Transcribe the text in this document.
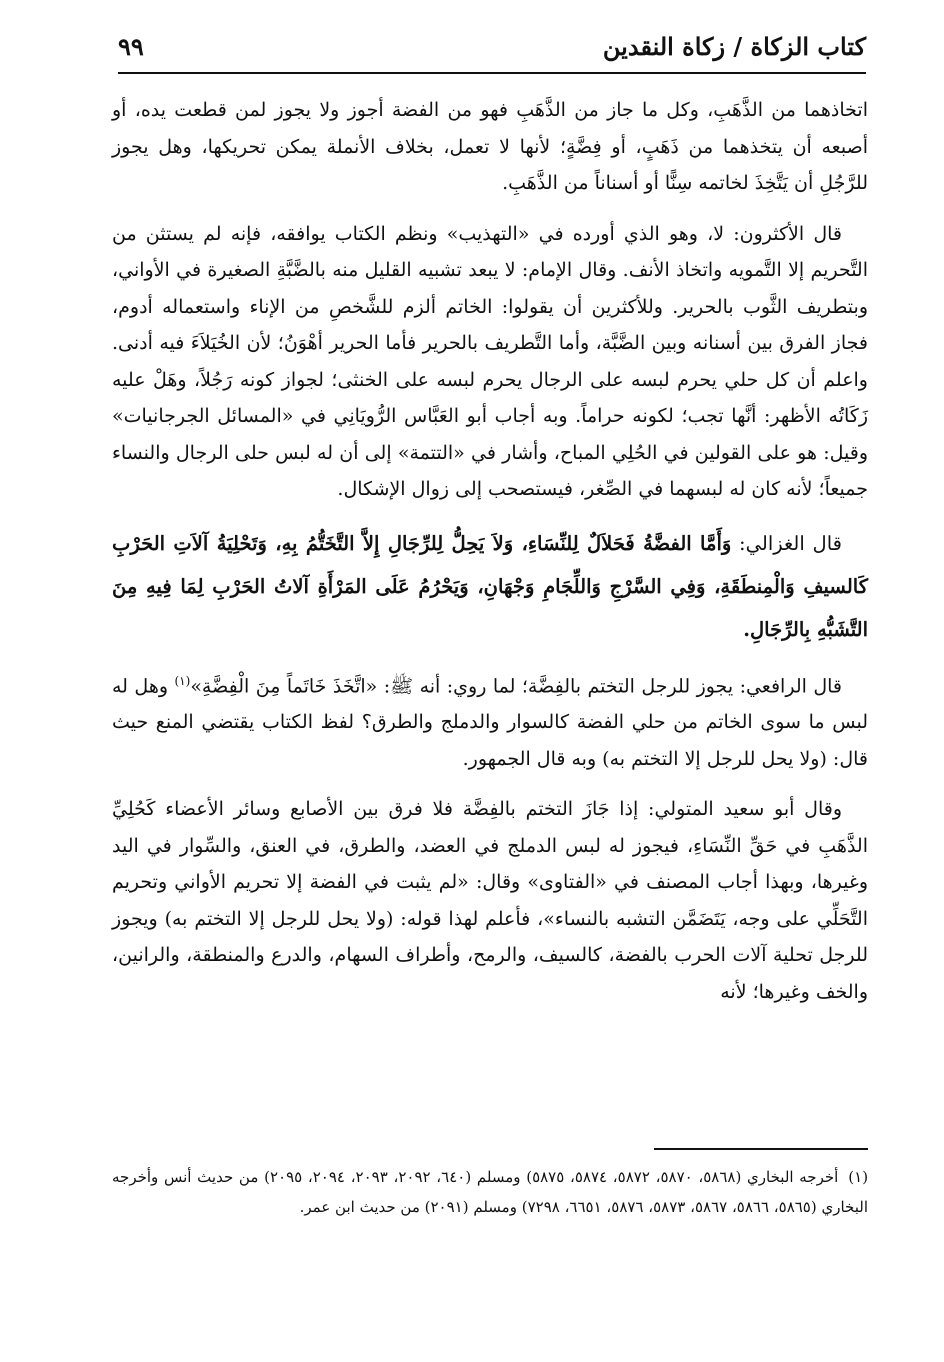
كتاب الزكاة / زكاة النقدين
٩٩

اتخاذهما من الذَّهَبِ، وكل ما جاز من الذَّهَبِ فهو من الفضة أجوز ولا يجوز لمن قطعت يده، أو أصبعه أن يتخذهما من ذَهَبٍ، أو فِضَّةٍ؛ لأنها لا تعمل، بخلاف الأنملة يمكن تحريكها، وهل يجوز للرَّجُلِ أن يَتَّخِذَ لخاتمه سِنًّا أو أسناناً من الذَّهَبِ.

قال الأكثرون: لا، وهو الذي أورده في «التهذيب» ونظم الكتاب يوافقه، فإنه لم يستثن من التَّحريم إلا التَّمويه واتخاذ الأنف. وقال الإمام: لا يبعد تشبيه القليل منه بالضَّبَّةِ الصغيرة في الأواني، وبتطريف الثَّوب بالحرير. وللأكثرين أن يقولوا: الخاتم ألزم للشَّخصِ من الإناء واستعماله أدوم، فجاز الفرق بين أسنانه وبين الضَّبَّة، وأما التَّطريف بالحرير فأما الحرير أهْوَنُ؛ لأن الخُيَلاَءَ فيه أدنى. واعلم أن كل حلي يحرم لبسه على الرجال يحرم لبسه على الخنثى؛ لجواز كونه رَجُلاً، وهَلْ عليه زَكَاتُه الأظهر: أنَّها تجب؛ لكونه حراماً. وبه أجاب أبو العَبَّاس الرُّويَانِي في «المسائل الجرجانيات» وقيل: هو على القولين في الحُلِي المباح، وأشار في «التتمة» إلى أن له لبس حلى الرجال والنساء جميعاً؛ لأنه كان له لبسهما في الصِّغر، فيستصحب إلى زوال الإشكال.

قال الغزالي: وَأَمَّا الفضَّةُ فَحَلاَلٌ لِلنِّسَاءِ، وَلاَ يَحِلُّ لِلرِّجَالِ إِلاَّ التَّخَتُّمُ بِهِ، وَتَحْلِيَةُ آلاَتِ الحَرْبِ كَالسيفِ وَالْمِنطَقَةِ، وَفِي السَّرْجِ وَاللِّجَامِ وَجْهَانِ، وَيَحْرُمُ عَلَى المَرْأَةِ آلاتُ الحَرْبِ لِمَا فِيهِ مِنَ التَّشَبُّهِ بِالرِّجَالِ.

قال الرافعي: يجوز للرجل التختم بالفِضَّة؛ لما روي: أنه ﷺ: «اتَّخَذَ خَاتَماً مِنَ الْفِضَّةِ»$^{(١)}$ وهل له لبس ما سوى الخاتم من حلي الفضة كالسوار والدملج والطرق؟ لفظ الكتاب يقتضي المنع حيث قال: (ولا يحل للرجل إلا التختم به) وبه قال الجمهور.

وقال أبو سعيد المتولي: إذا جَازَ التختم بالفِضَّة فلا فرق بين الأصابع وسائر الأعضاء كَحُلِيِّ الذَّهَبِ في حَقِّ النِّسَاءِ، فيجوز له لبس الدملج في العضد، والطرق، في العنق، والسِّوار في اليد وغيرها، وبهذا أجاب المصنف في «الفتاوى» وقال: «لم يثبت في الفضة إلا تحريم الأواني وتحريم التَّحَلِّي على وجه، يَتَضَمَّن التشبه بالنساء»، فأعلم لهذا قوله: (ولا يحل للرجل إلا التختم به) ويجوز للرجل تحلية آلات الحرب بالفضة، كالسيف، والرمح، وأطراف السهام، والدرع والمنطقة، والرانين، والخف وغيرها؛ لأنه

(١)أخرجه البخاري (٥٨٦٨، ٥٨٧٠، ٥٨٧٢، ٥٨٧٤، ٥٨٧٥) ومسلم (٦٤٠، ٢٠٩٢، ٢٠٩٣، ٢٠٩٤، ٢٠٩٥) من حديث أنس وأخرجه البخاري (٥٨٦٥، ٥٨٦٦، ٥٨٦٧، ٥٨٧٣، ٥٨٧٦، ٦٦٥١، ٧٢٩٨) ومسلم (٢٠٩١) من حديث ابن عمر.
